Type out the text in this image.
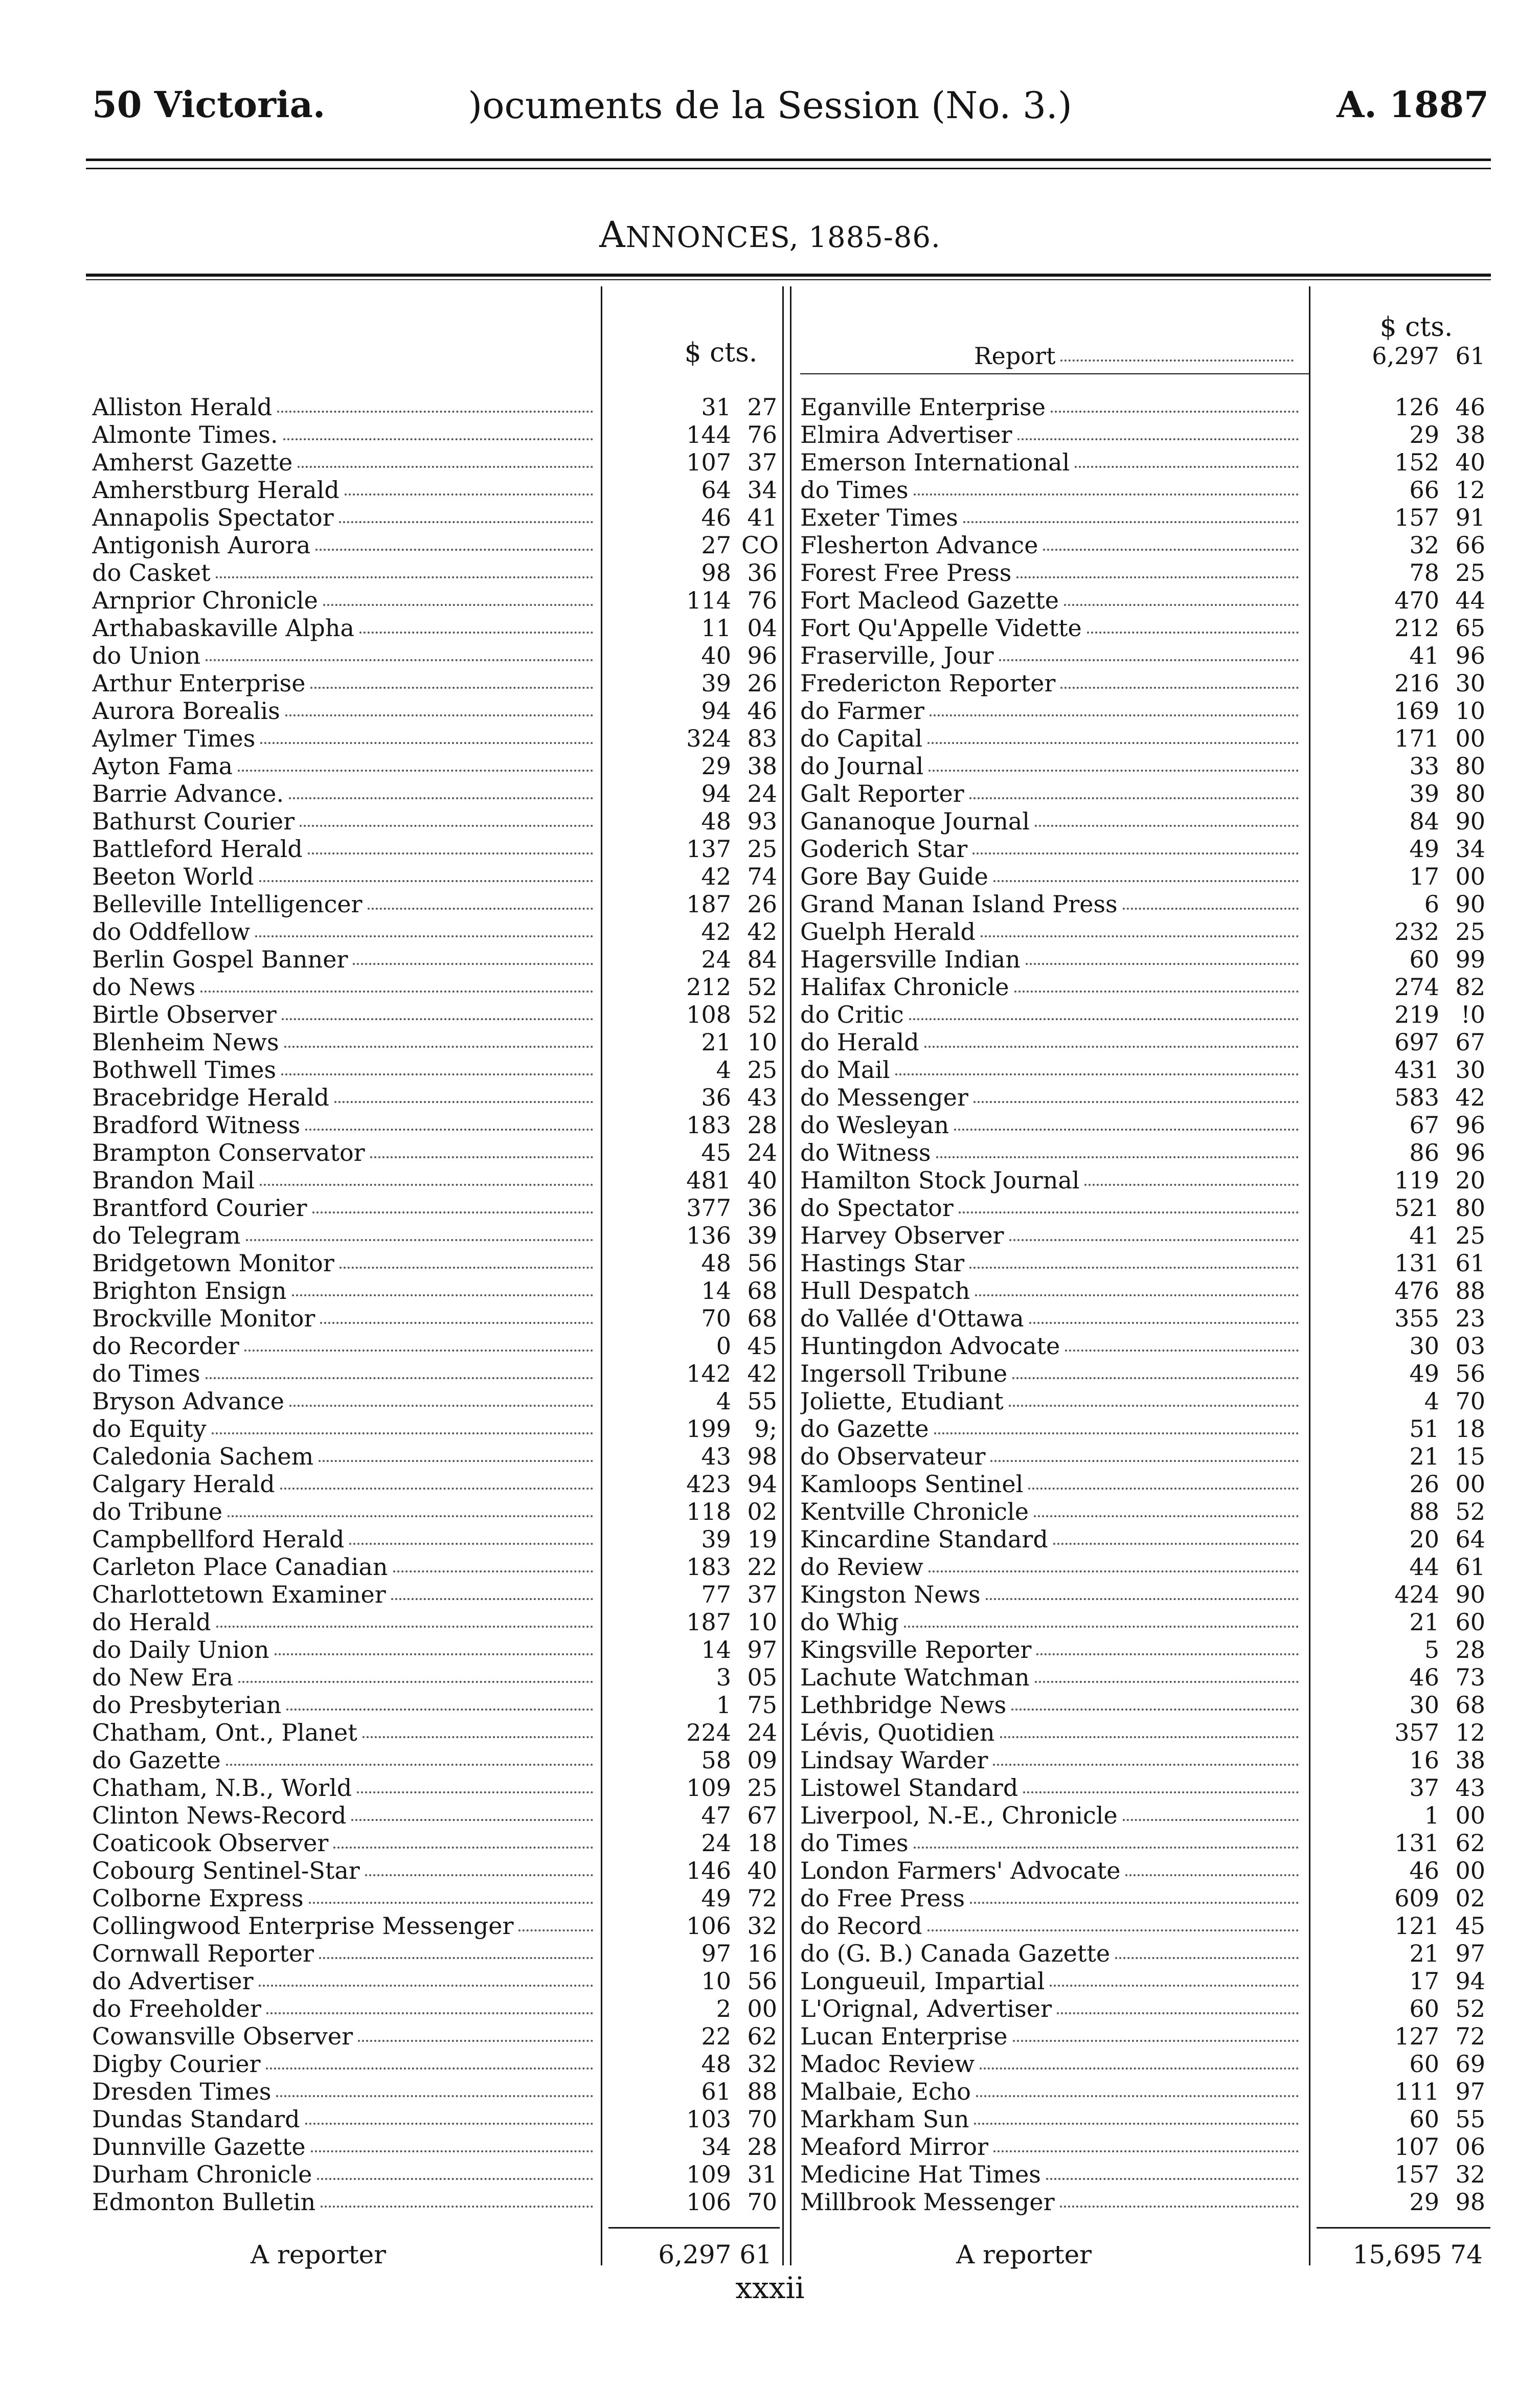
50 Victoria.	)ocuments de la Session (No. 3.)	A. 1887
ANNONCES, 1885-86.
$ cts.
$ cts.
Report	6,297 61
Alliston Herald	31 27
Almonte Times.	144 76
Amherst Gazette	107 37
Amherstburg Herald	64 34
Annapolis Spectator	46 41
Antigonish Aurora	27 CO
do Casket	98 36
Arnprior Chronicle	114 76
Arthabaskaville Alpha	11 04
do Union	40 96
Arthur Enterprise	39 26
Aurora Borealis	94 46
Aylmer Times	324 83
Ayton Fama	29 38
Barrie Advance.	94 24
Bathurst Courier	48 93
Battleford Herald	137 25
Beeton World	42 74
Belleville Intelligencer	187 26
do Oddfellow	42 42
Berlin Gospel Banner	24 84
do News	212 52
Birtle Observer	108 52
Blenheim News	21 10
Bothwell Times	4 25
Bracebridge Herald	36 43
Bradford Witness	183 28
Brampton Conservator	45 24
Brandon Mail	481 40
Brantford Courier	377 36
do Telegram	136 39
Bridgetown Monitor	48 56
Brighton Ensign	14 68
Brockville Monitor	70 68
do Recorder	0 45
do Times	142 42
Bryson Advance	4 55
do Equity	199 9;
Caledonia Sachem	43 98
Calgary Herald	423 94
do Tribune	118 02
Campbellford Herald	39 19
Carleton Place Canadian	183 22
Charlottetown Examiner	77 37
do Herald	187 10
do Daily Union	14 97
do New Era	3 05
do Presbyterian	1 75
Chatham, Ont., Planet	224 24
do Gazette	58 09
Chatham, N.B., World	109 25
Clinton News-Record	47 67
Coaticook Observer	24 18
Cobourg Sentinel-Star	146 40
Colborne Express	49 72
Collingwood Enterprise Messenger	106 32
Cornwall Reporter	97 16
do Advertiser	10 56
do Freeholder	2 00
Cowansville Observer	22 62
Digby Courier	48 32
Dresden Times	61 88
Dundas Standard	103 70
Dunnville Gazette	34 28
Durham Chronicle	109 31
Edmonton Bulletin	106 70
Eganville Enterprise	126 46
Elmira Advertiser	29 38
Emerson International	152 40
do Times	66 12
Exeter Times	157 91
Flesherton Advance	32 66
Forest Free Press	78 25
Fort Macleod Gazette	470 44
Fort Qu'Appelle Vidette	212 65
Fraserville, Jour	41 96
Fredericton Reporter	216 30
do Farmer	169 10
do Capital	171 00
do Journal	33 80
Galt Reporter	39 80
Gananoque Journal	84 90
Goderich Star	49 34
Gore Bay Guide	17 00
Grand Manan Island Press	6 90
Guelph Herald	232 25
Hagersville Indian	60 99
Halifax Chronicle	274 82
do Critic	219 !0
do Herald	697 67
do Mail	431 30
do Messenger	583 42
do Wesleyan	67 96
do Witness	86 96
Hamilton Stock Journal	119 20
do Spectator	521 80
Harvey Observer	41 25
Hastings Star	131 61
Hull Despatch	476 88
do Vallée d'Ottawa	355 23
Huntingdon Advocate	30 03
Ingersoll Tribune	49 56
Joliette, Etudiant	4 70
do Gazette	51 18
do Observateur	21 15
Kamloops Sentinel	26 00
Kentville Chronicle	88 52
Kincardine Standard	20 64
do Review	44 61
Kingston News	424 90
do Whig	21 60
Kingsville Reporter	5 28
Lachute Watchman	46 73
Lethbridge News	30 68
Lévis, Quotidien	357 12
Lindsay Warder	16 38
Listowel Standard	37 43
Liverpool, N.-E., Chronicle	1 00
do Times	131 62
London Farmers' Advocate	46 00
do Free Press	609 02
do Record	121 45
do (G. B.) Canada Gazette	21 97
Longueuil, Impartial	17 94
L'Orignal, Advertiser	60 52
Lucan Enterprise	127 72
Madoc Review	60 69
Malbaie, Echo	111 97
Markham Sun	60 55
Meaford Mirror	107 06
Medicine Hat Times	157 32
Millbrook Messenger	29 98
A reporter	6,297 61	A reporter	15,695 74
xxxii
